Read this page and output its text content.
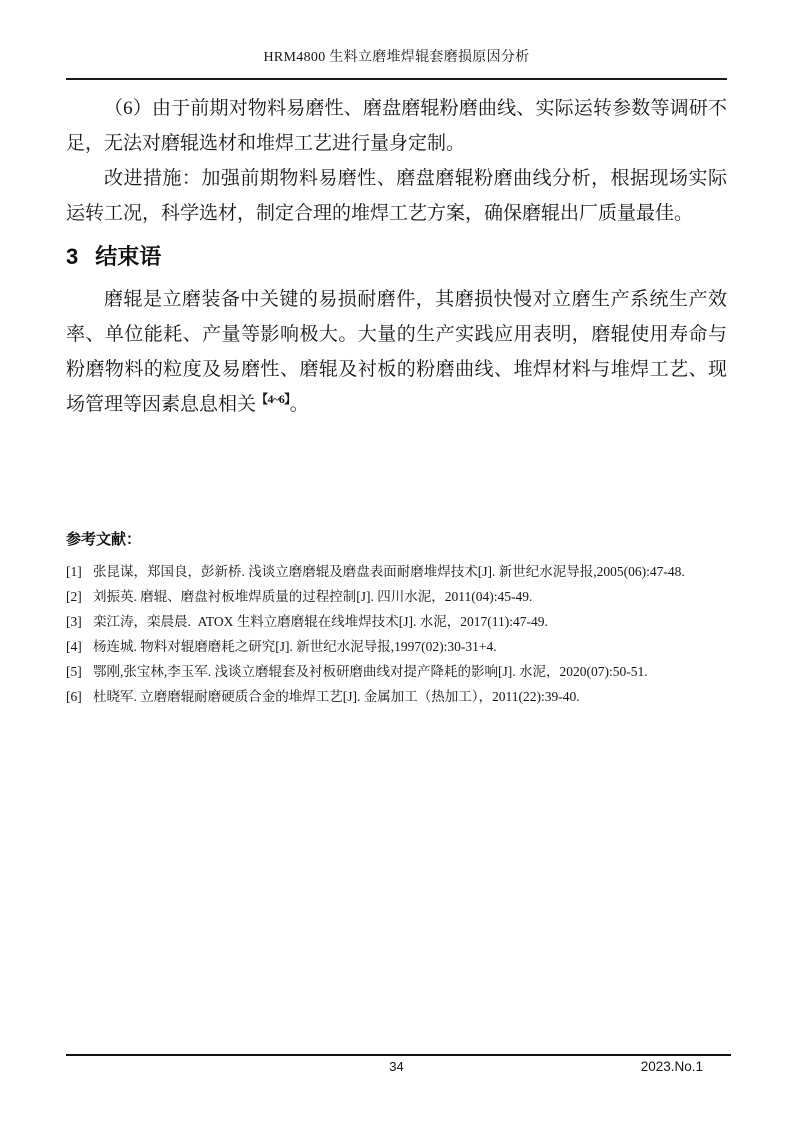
HRM4800 生料立磨堆焊辊套磨损原因分析

（6）由于前期对物料易磨性、磨盘磨辊粉磨曲线、实际运转参数等调研不足，无法对磨辊选材和堆焊工艺进行量身定制。

改进措施：加强前期物料易磨性、磨盘磨辊粉磨曲线分析，根据现场实际运转工况，科学选材，制定合理的堆焊工艺方案，确保磨辊出厂质量最佳。

3 结束语

磨辊是立磨装备中关键的易损耐磨件，其磨损快慢对立磨生产系统生产效率、单位能耗、产量等影响极大。大量的生产实践应用表明，磨辊使用寿命与粉磨物料的粒度及易磨性、磨辊及衬板的粉磨曲线、堆焊材料与堆焊工艺、现场管理等因素息息相关$^{【4\sim 6】}$。

参考文献：
[1] 张昆谋，郑国良，彭新桥. 浅谈立磨磨辊及磨盘表面耐磨堆焊技术[J]. 新世纪水泥导报,2005(06):47-48.
[2] 刘振英. 磨辊、磨盘衬板堆焊质量的过程控制[J]. 四川水泥，2011(04):45-49.
[3] 栾江涛，栾晨晨.  ATOX 生料立磨磨辊在线堆焊技术[J]. 水泥，2017(11):47-49.
[4] 杨连城. 物料对辊磨磨耗之研究[J]. 新世纪水泥导报,1997(02):30-31+4.
[5] 鄂刚,张宝林,李玉军. 浅谈立磨辊套及衬板研磨曲线对提产降耗的影响[J]. 水泥，2020(07):50-51.
[6] 杜晓军. 立磨磨辊耐磨硬质合金的堆焊工艺[J]. 金属加工（热加工），2011(22):39-40.
34	2023.No.1
